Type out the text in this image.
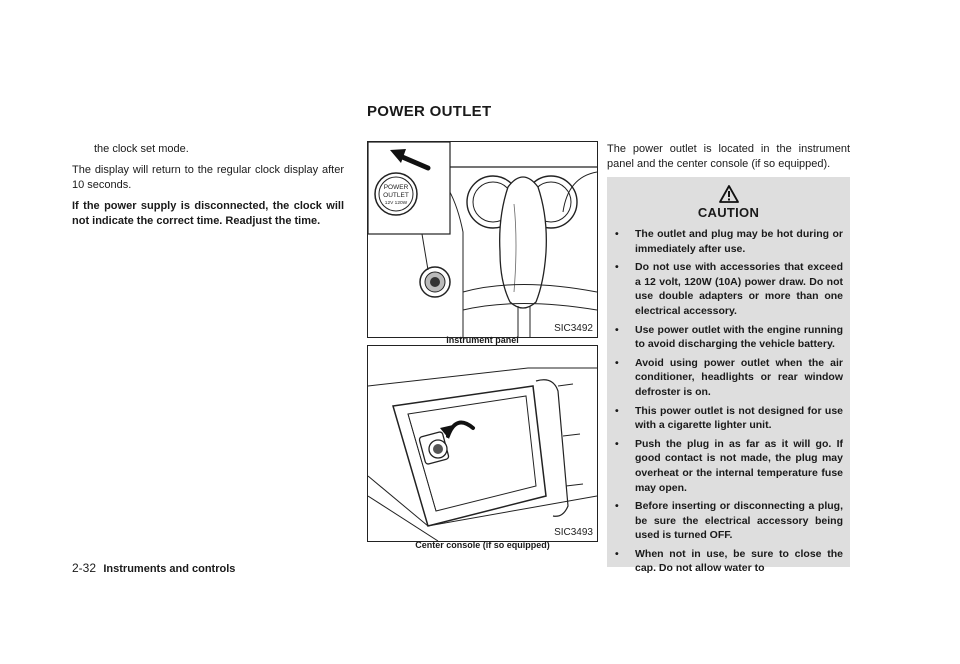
POWER OUTLET

the clock set mode.

The display will return to the regular clock display after 10 seconds.

If the power supply is disconnected, the clock will not indicate the correct time. Readjust the time.

POWER
OUTLET
12V 120W
SIC3492
Instrument panel
SIC3493
Center console (if so equipped)

The power outlet is located in the instrument panel and the center console (if so equipped).

CAUTION
• The outlet and plug may be hot during or immediately after use.
• Do not use with accessories that exceed a 12 volt, 120W (10A) power draw. Do not use double adapters or more than one electrical accessory.
• Use power outlet with the engine running to avoid discharging the vehicle battery.
• Avoid using power outlet when the air conditioner, headlights or rear window defroster is on.
• This power outlet is not designed for use with a cigarette lighter unit.
• Push the plug in as far as it will go. If good contact is not made, the plug may overheat or the internal temperature fuse may open.
• Before inserting or disconnecting a plug, be sure the electrical accessory being used is turned OFF.
• When not in use, be sure to close the cap. Do not allow water to
2-32 Instruments and controls
